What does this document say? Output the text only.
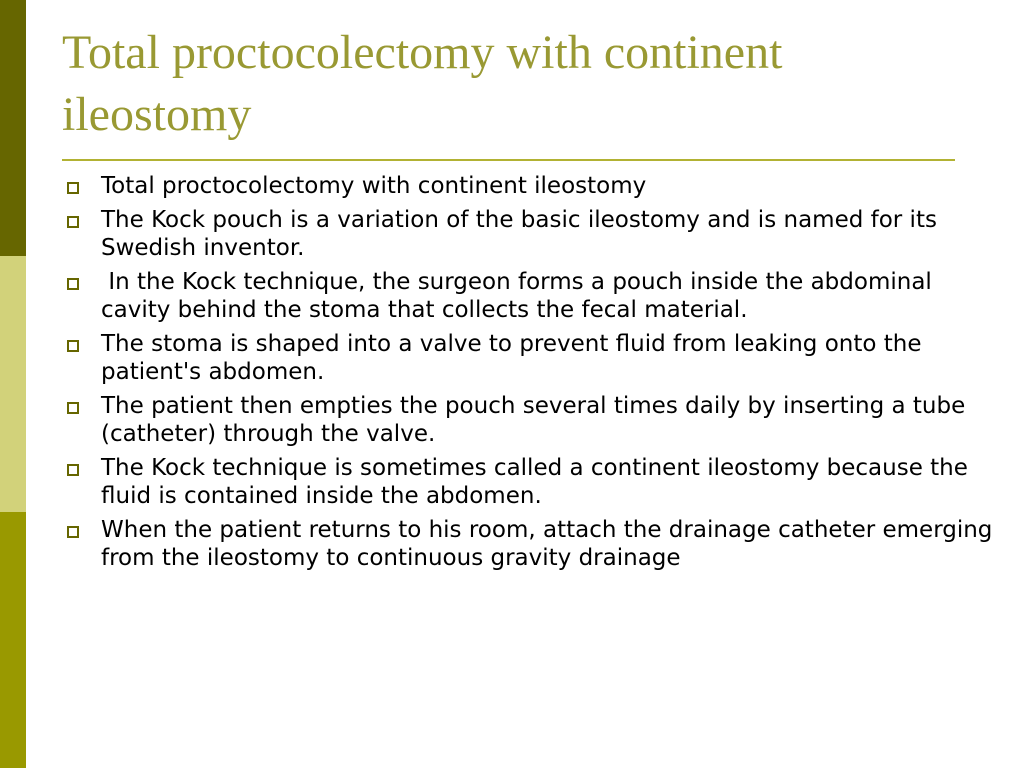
Total proctocolectomy with continent ileostomy
Total proctocolectomy with continent ileostomy
The Kock pouch is a variation of the basic ileostomy and is named for its Swedish inventor.
In the Kock technique, the surgeon forms a pouch inside the abdominal cavity behind the stoma that collects the fecal material.
The stoma is shaped into a valve to prevent fluid from leaking onto the patient's abdomen.
The patient then empties the pouch several times daily by inserting a tube (catheter) through the valve.
The Kock technique is sometimes called a continent ileostomy because the fluid is contained inside the abdomen.
When the patient returns to his room, attach the drainage catheter emerging from the ileostomy to continuous gravity drainage
